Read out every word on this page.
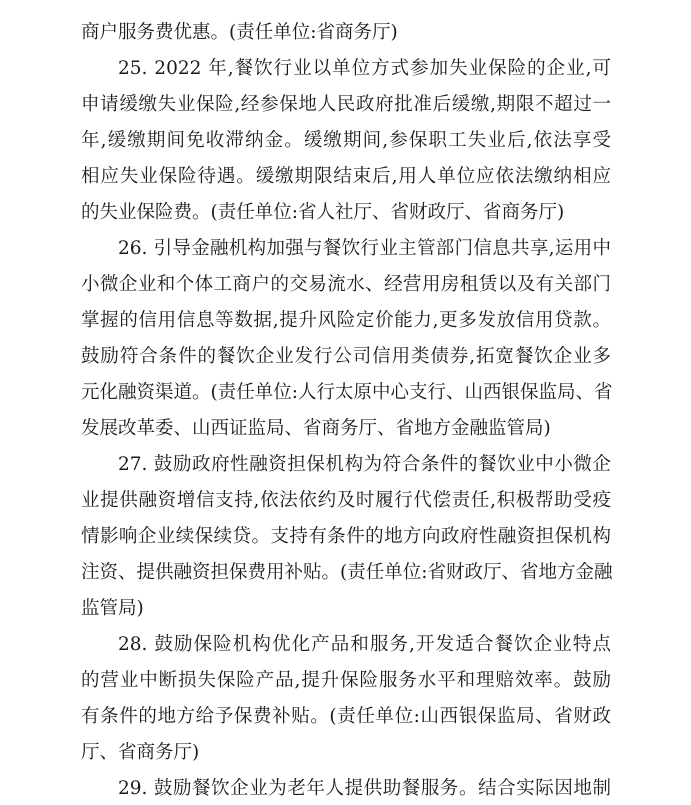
商户服务费优惠。(责任单位:省商务厅)
25. 2022 年,餐饮行业以单位方式参加失业保险的企业,可
申请缓缴失业保险,经参保地人民政府批准后缓缴,期限不超过一
年,缓缴期间免收滞纳金。缓缴期间,参保职工失业后,依法享受
相应失业保险待遇。缓缴期限结束后,用人单位应依法缴纳相应
的失业保险费。(责任单位:省人社厅、省财政厅、省商务厅)
26. 引导金融机构加强与餐饮行业主管部门信息共享,运用中
小微企业和个体工商户的交易流水、经营用房租赁以及有关部门
掌握的信用信息等数据,提升风险定价能力,更多发放信用贷款。
鼓励符合条件的餐饮企业发行公司信用类债券,拓宽餐饮企业多
元化融资渠道。(责任单位:人行太原中心支行、山西银保监局、省
发展改革委、山西证监局、省商务厅、省地方金融监管局)
27. 鼓励政府性融资担保机构为符合条件的餐饮业中小微企
业提供融资增信支持,依法依约及时履行代偿责任,积极帮助受疫
情影响企业续保续贷。支持有条件的地方向政府性融资担保机构
注资、提供融资担保费用补贴。(责任单位:省财政厅、省地方金融
监管局)
28. 鼓励保险机构优化产品和服务,开发适合餐饮企业特点
的营业中断损失保险产品,提升保险服务水平和理赔效率。鼓励
有条件的地方给予保费补贴。(责任单位:山西银保监局、省财政
厅、省商务厅)
29. 鼓励餐饮企业为老年人提供助餐服务。结合实际因地制
